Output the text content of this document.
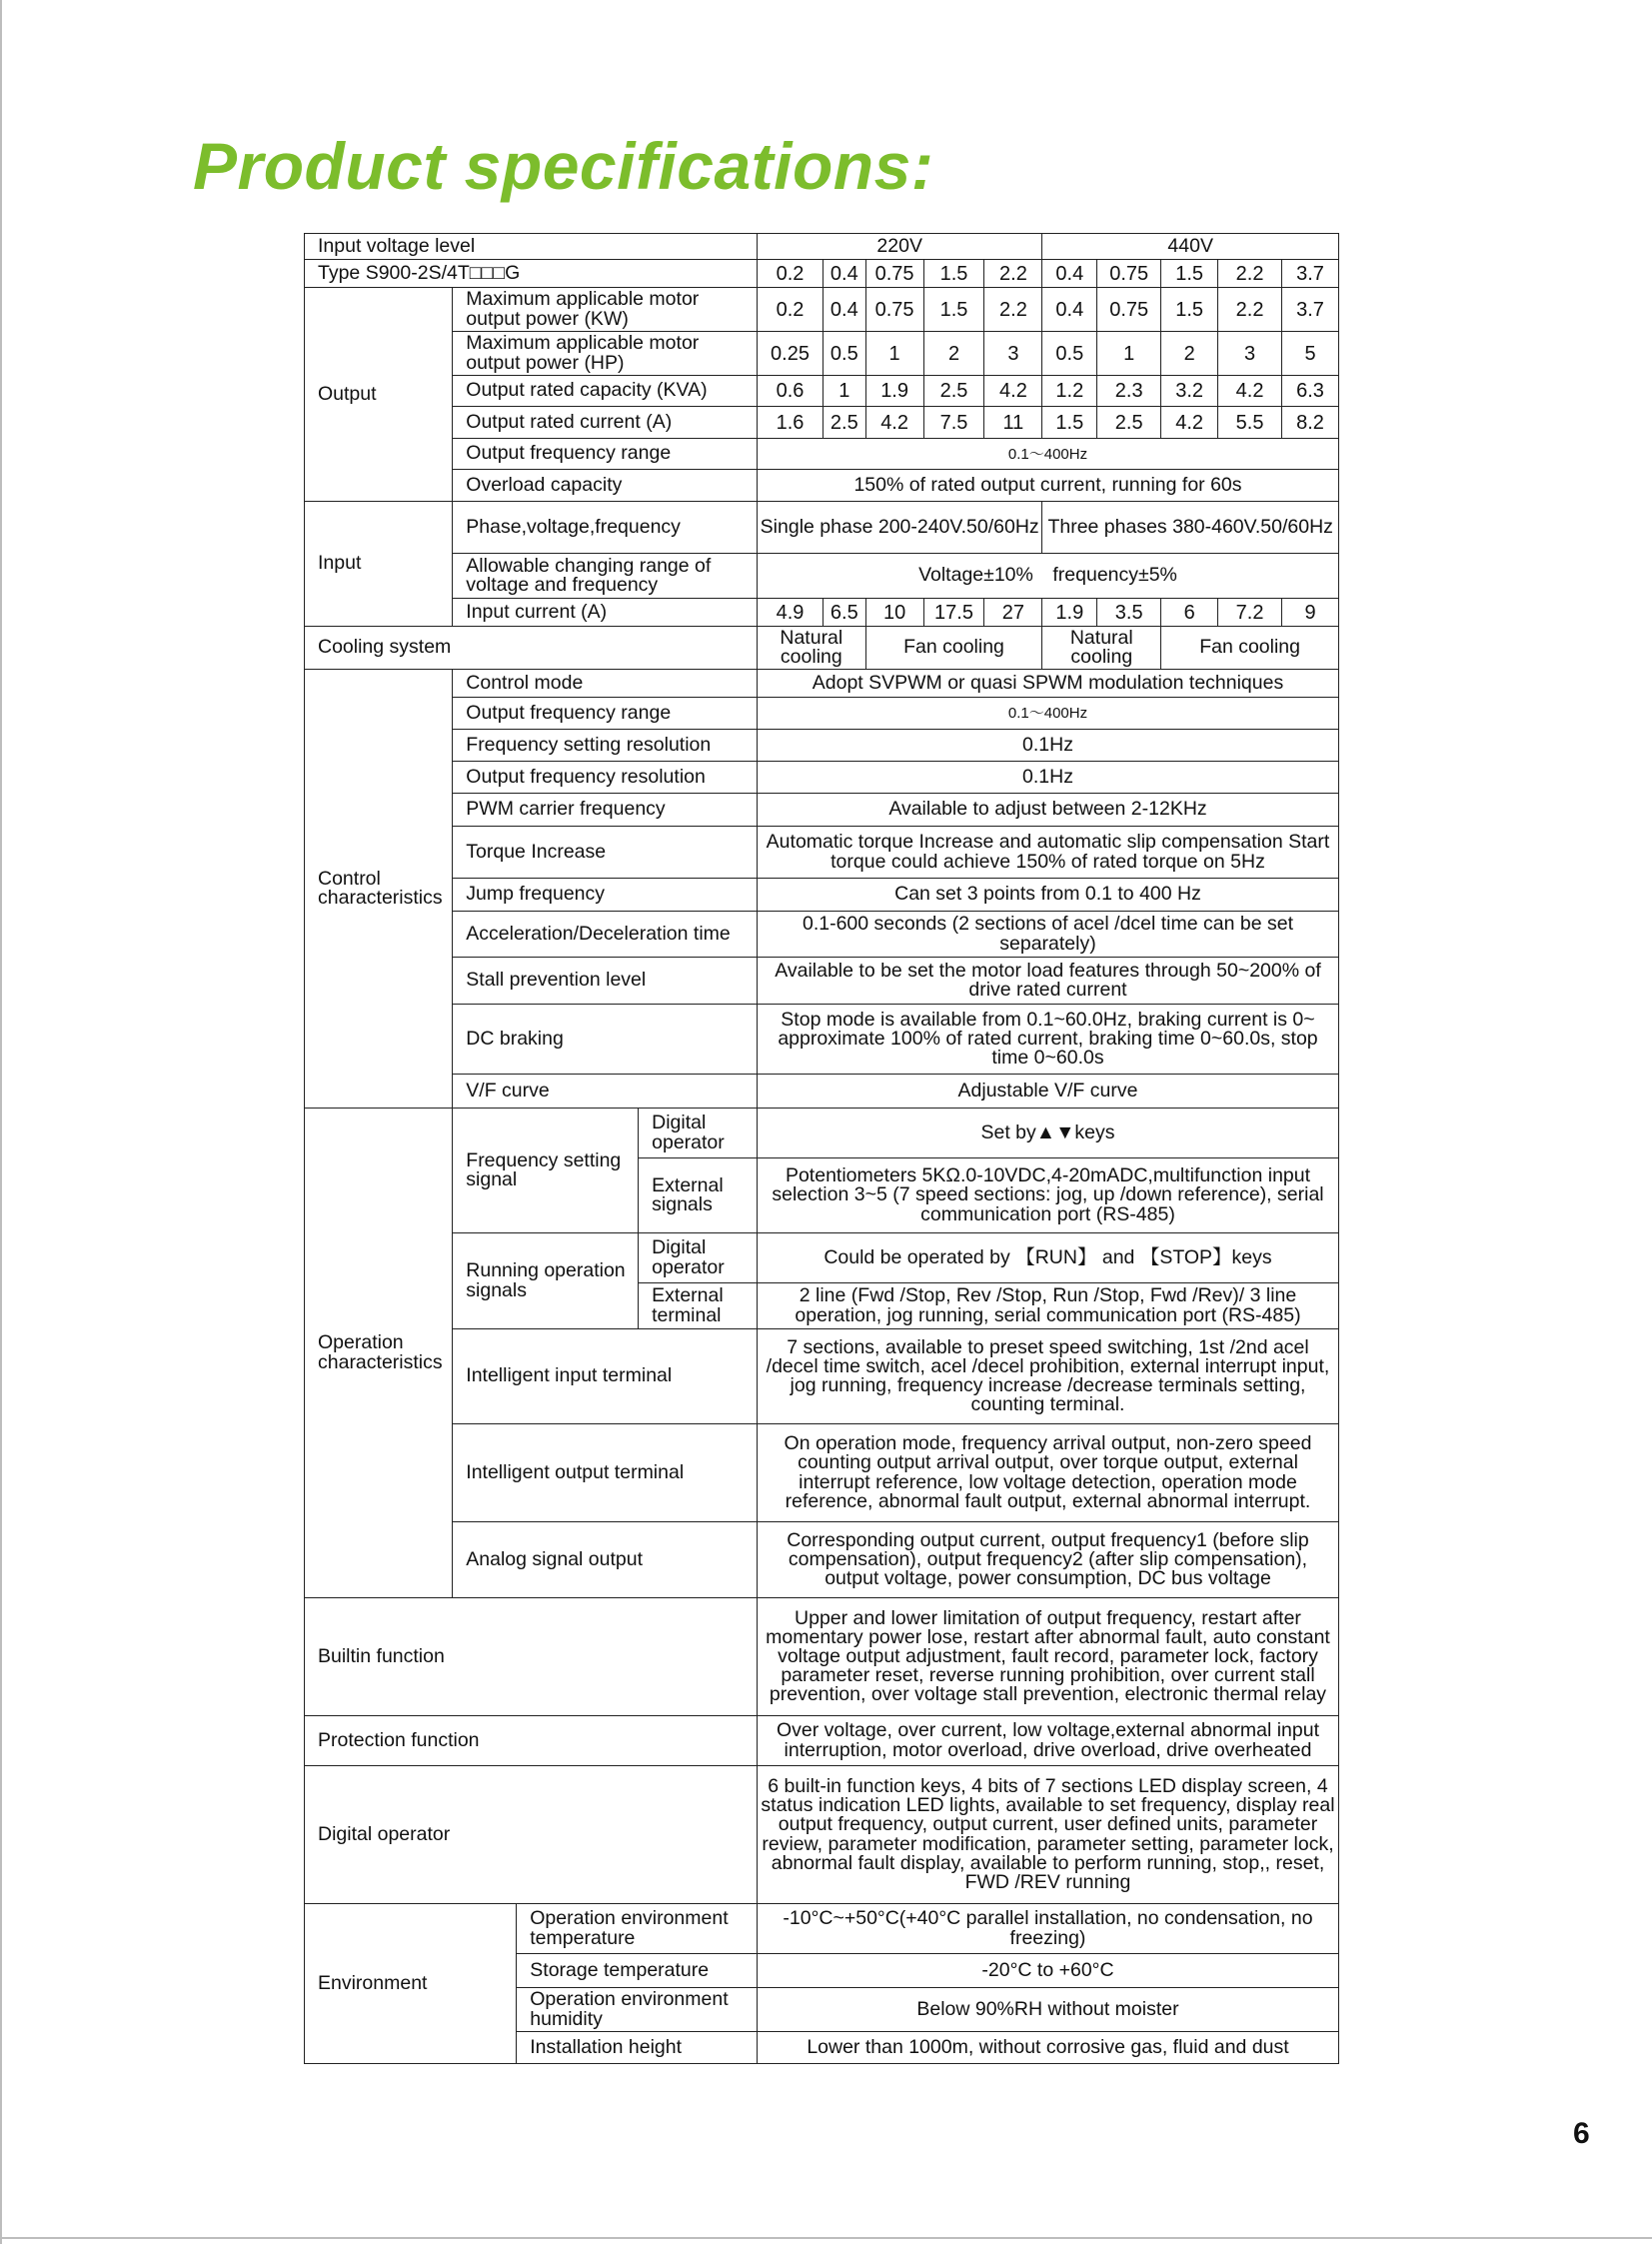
Product specifications:
Input voltage level				220V					440V				
Type S900-2S/4T□□□G				0.2	0.4	0.75	1.5	2.2	0.4	0.75	1.5	2.2	3.7
Output	Maximum applicable motor output power (KW)			0.2	0.4	0.75	1.5	2.2	0.4	0.75	1.5	2.2	3.7
	Maximum applicable motor output power (HP)			0.25	0.5	1	2	3	0.5	1	2	3	5
	Output rated capacity (KVA)			0.6	1	1.9	2.5	4.2	1.2	2.3	3.2	4.2	6.3
	Output rated current (A)			1.6	2.5	4.2	7.5	11	1.5	2.5	4.2	5.5	8.2
	Output frequency range			0.1～400Hz									
	Overload capacity			150% of rated output current, running for 60s									
Input	Phase,voltage,frequency			Single phase 200-240V.50/60Hz					Three phases 380-460V.50/60Hz				
	Allowable changing range of voltage and frequency			Voltage±10%　frequency±5%									
	Input current (A)			4.9	6.5	10	17.5	27	1.9	3.5	6	7.2	9
Cooling system				Natural cooling		Fan cooling			Natural cooling		Fan cooling		
Control characteristics	Control mode			Adopt SVPWM or quasi SPWM modulation techniques									
	Output frequency range			0.1～400Hz									
	Frequency setting resolution			0.1Hz									
	Output frequency resolution			0.1Hz									
	PWM carrier frequency			Available to adjust between 2-12KHz									
	Torque Increase			Automatic torque Increase and automatic slip compensation Start torque could achieve 150% of rated torque on 5Hz									
	Jump frequency			Can set 3 points from 0.1 to 400 Hz									
	Acceleration/Deceleration time			0.1-600 seconds (2 sections of acel /dcel time can be set separately)									
	Stall prevention level			Available to be set the motor load features through 50~200% of drive rated current									
	DC braking			Stop mode is available from 0.1~60.0Hz, braking current is 0~ approximate 100% of rated current, braking time 0~60.0s, stop time 0~60.0s									
	V/F curve			Adjustable V/F curve									
Operation characteristics	Frequency setting signal		Digital operator	Set by▲▼keys									
			External signals	Potentiometers 5KΩ.0-10VDC,4-20mADC,multifunction input selection 3~5 (7 speed sections: jog, up /down reference), serial communication port (RS-485)									
	Running operation signals		Digital operator	Could be operated by 【RUN】 and 【STOP】keys									
			External terminal	2 line (Fwd /Stop, Rev /Stop, Run /Stop, Fwd /Rev)/ 3 line operation, jog running, serial communication port (RS-485)									
	Intelligent input terminal			7 sections, available to preset speed switching, 1st /2nd acel /decel time switch, acel /decel prohibition, external interrupt input, jog running, frequency increase /decrease terminals setting, counting terminal.									
	Intelligent output terminal			On operation mode, frequency arrival output, non-zero speed counting output arrival output, over torque output, external interrupt reference, low voltage detection, operation mode reference, abnormal fault output, external abnormal interrupt.									
	Analog signal output			Corresponding output current, output frequency1 (before slip compensation), output frequency2 (after slip compensation), output voltage, power consumption, DC bus voltage									
Builtin function				Upper and lower limitation of output frequency, restart after momentary power lose, restart after abnormal fault, auto constant voltage output adjustment, fault record, parameter lock, factory parameter reset, reverse running prohibition, over current stall prevention, over voltage stall prevention, electronic thermal relay									
Protection function				Over voltage, over current, low voltage,external abnormal input interruption, motor overload, drive overload, drive overheated									
Digital operator				6 built-in function keys, 4 bits of 7 sections LED display screen, 4 status indication LED lights, available to set frequency, display real output frequency, output current, user defined units, parameter review, parameter modification, parameter setting, parameter lock, abnormal fault display, available to perform running, stop,, reset, FWD /REV running									
Environment		Operation environment temperature		-10°C~+50°C(+40°C parallel installation, no condensation, no freezing)									
		Storage temperature		-20°C to +60°C									
		Operation environment humidity		Below 90%RH without moister									
		Installation height		Lower than 1000m, without corrosive gas, fluid and dust									
6
